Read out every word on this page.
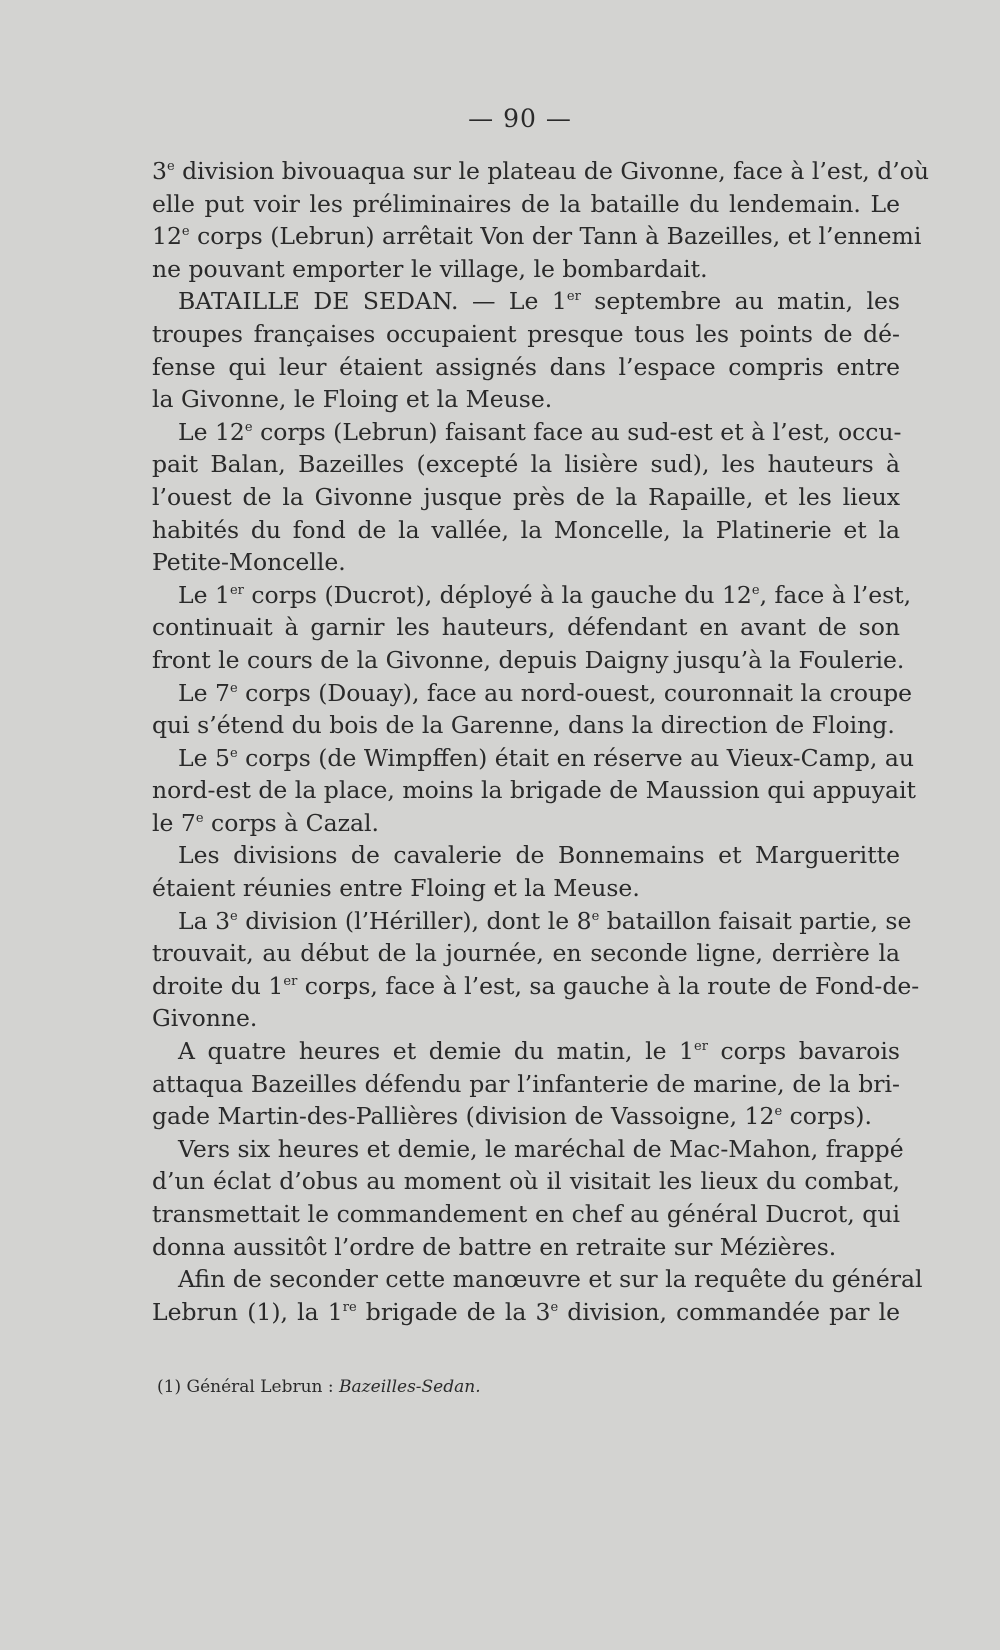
— 90 —

3e division bivouaqua sur le plateau de Givonne, face à l’est, d’où
elle put voir les préliminaires de la bataille du lendemain. Le
12e corps (Lebrun) arrêtait Von der Tann à Bazeilles, et l’ennemi
ne pouvant emporter le village, le bombardait.

BATAILLE DE SEDAN. — Le 1er septembre au matin, les
troupes françaises occupaient presque tous les points de dé-
fense qui leur étaient assignés dans l’espace compris entre
la Givonne, le Floing et la Meuse.

Le 12e corps (Lebrun) faisant face au sud-est et à l’est, occu-
pait Balan, Bazeilles (excepté la lisière sud), les hauteurs à
l’ouest de la Givonne jusque près de la Rapaille, et les lieux
habités du fond de la vallée, la Moncelle, la Platinerie et la
Petite-Moncelle.

Le 1er corps (Ducrot), déployé à la gauche du 12e, face à l’est,
continuait à garnir les hauteurs, défendant en avant de son
front le cours de la Givonne, depuis Daigny jusqu’à la Foulerie.

Le 7e corps (Douay), face au nord-ouest, couronnait la croupe
qui s’étend du bois de la Garenne, dans la direction de Floing.

Le 5e corps (de Wimpffen) était en réserve au Vieux-Camp, au
nord-est de la place, moins la brigade de Maussion qui appuyait
le 7e corps à Cazal.

Les divisions de cavalerie de Bonnemains et Margueritte
étaient réunies entre Floing et la Meuse.

La 3e division (l’Hériller), dont le 8e bataillon faisait partie, se
trouvait, au début de la journée, en seconde ligne, derrière la
droite du 1er corps, face à l’est, sa gauche à la route de Fond-de-
Givonne.

A quatre heures et demie du matin, le 1er corps bavarois
attaqua Bazeilles défendu par l’infanterie de marine, de la bri-
gade Martin-des-Pallières (division de Vassoigne, 12e corps).

Vers six heures et demie, le maréchal de Mac-Mahon, frappé
d’un éclat d’obus au moment où il visitait les lieux du combat,
transmettait le commandement en chef au général Ducrot, qui
donna aussitôt l’ordre de battre en retraite sur Mézières.

Afin de seconder cette manœuvre et sur la requête du général
Lebrun (1), la 1re brigade de la 3e division, commandée par le

(1) Général Lebrun : Bazeilles-Sedan.
